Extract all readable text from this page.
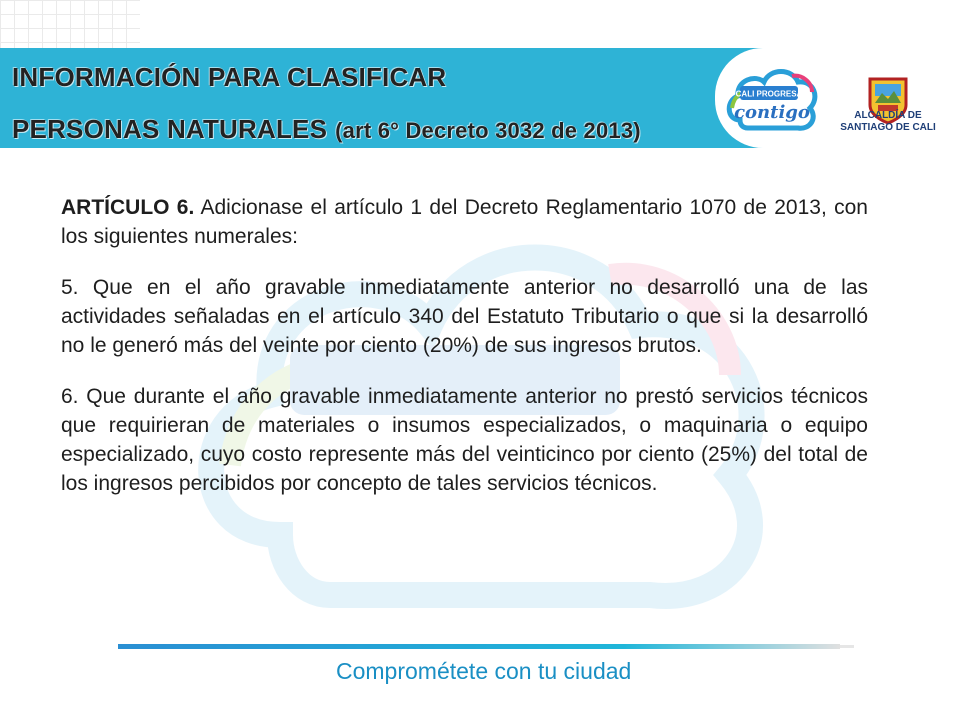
INFORMACIÓN PARA CLASIFICAR
PERSONAS NATURALES (art 6° Decreto 3032 de 2013)
CALI PROGRESA
contigo	ALCALDÍA DE
SANTIAGO DE CALI

ARTÍCULO 6. Adicionase el artículo 1 del Decreto Reglamentario 1070 de 2013, con los siguientes numerales:

5. Que en el año gravable inmediatamente anterior no desarrolló una de las actividades señaladas en el artículo 340 del Estatuto Tributario o que si la desarrolló no le generó más del veinte por ciento (20%) de sus ingresos brutos.

6. Que durante el año gravable inmediatamente anterior no prestó servicios técnicos que requirieran de materiales o insumos especializados, o maquinaria o equipo especializado, cuyo costo represente más del veinticinco por ciento (25%) del total de los ingresos percibidos por concepto de tales servicios técnicos.

Comprométete con tu ciudad
